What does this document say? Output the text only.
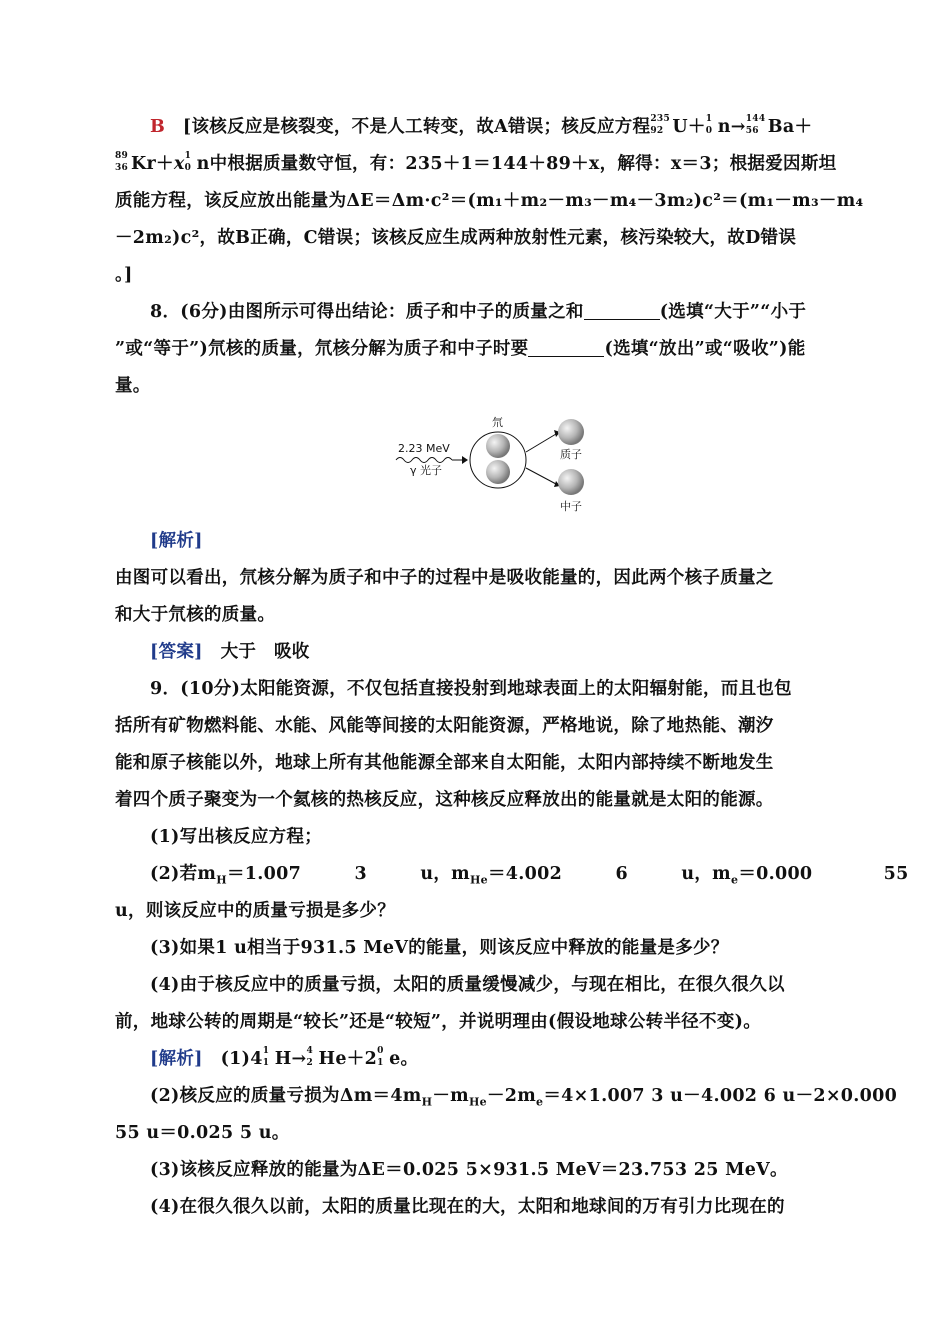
B　 [该核反应是核裂变，不是人工转变，故A错误；核反应方程 235
92 U＋ 1
0 n→ 144
56 Ba＋
89
36 Kr＋x 1
0 n中根据质量数守恒，有：235＋1＝144＋89＋x，解得：x＝3；根据爱因斯坦
质能方程，该反应放出能量为ΔE＝Δm·c²＝(m₁＋m₂－m₃－m₄－3m₂)c²＝(m₁－m₃－m₄
－2m₂)c²，故B正确，C错误；该核反应生成两种放射性元素，核污染较大，故D错误
。]
8．(6分)由图所示可得出结论：质子和中子的质量之和	(选填“大于”“小于
”或“等于”)氘核的质量，氘核分解为质子和中子时要	(选填“放出”或“吸收”)能
量。
2.23 MeV
γ 光子
氘
质子
中子
[解析]
由图可以看出，氘核分解为质子和中子的过程中是吸收能量的，因此两个核子质量之
和大于氘核的质量。
[答案]　 大于　吸收
9．(10分)太阳能资源，不仅包括直接投射到地球表面上的太阳辐射能，而且也包
括所有矿物燃料能、水能、风能等间接的太阳能资源，严格地说，除了地热能、潮汐
能和原子核能以外，地球上所有其他能源全部来自太阳能，太阳内部持续不断地发生
着四个质子聚变为一个氦核的热核反应，这种核反应释放出的能量就是太阳的能源。
(1)写出核反应方程；
(2)若$m_H=1.007$　　　3　　　u，$m_{He}=4.002$　　　6　　　u，$m_e=0.000$　　　　55
u，则该反应中的质量亏损是多少？
(3)如果1 u相当于931.5 MeV的能量，则该反应中释放的能量是多少？
(4)由于核反应中的质量亏损，太阳的质量缓慢减少，与现在相比，在很久很久以
前，地球公转的周期是“较长”还是“较短”，并说明理由(假设地球公转半径不变)。
[解析]　 (1)4 1
1 H→ 4
2 He＋2 0
1 e。
(2)核反应的质量亏损为$\Delta m=4m_H-m_{He}-2m_e=4\times 1.007$ 3 u－4.002 6 u－2×0.000
55 u＝0.025 5 u。
(3)该核反应释放的能量为ΔE＝0.025 5×931.5 MeV＝23.753 25 MeV。
(4)在很久很久以前，太阳的质量比现在的大，太阳和地球间的万有引力比现在的
